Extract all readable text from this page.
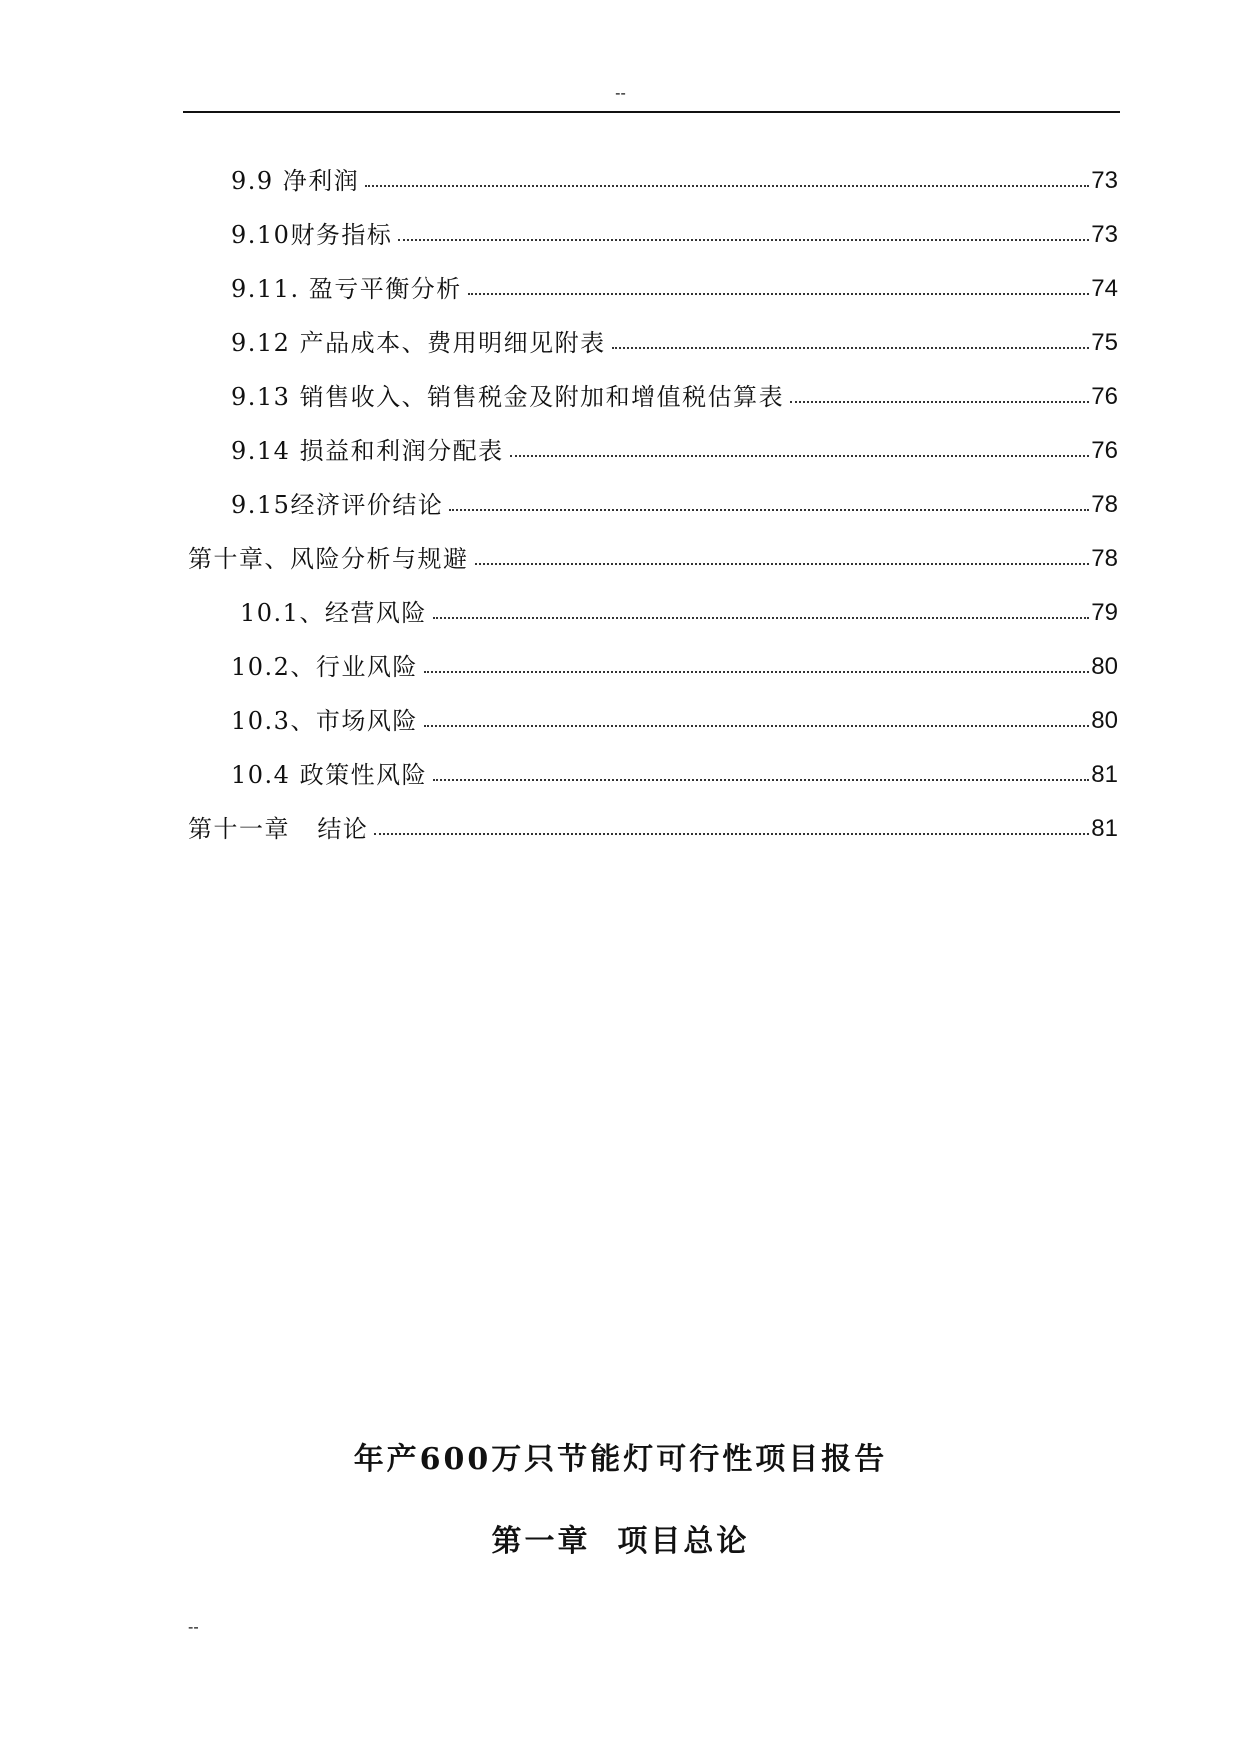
--
9.9 净利润	73
9.10财务指标	73
9.11. 盈亏平衡分析	74
9.12 产品成本、费用明细见附表	75
9.13 销售收入、销售税金及附加和增值税估算表	76
9.14 损益和利润分配表	76
9.15经济评价结论	78
第十章、风险分析与规避	78
10.1、经营风险	79
10.2、行业风险	80
10.3、市场风险	80
10.4 政策性风险	81
第十一章   结论	81
年产600万只节能灯可行性项目报告
第一章  项目总论
--
